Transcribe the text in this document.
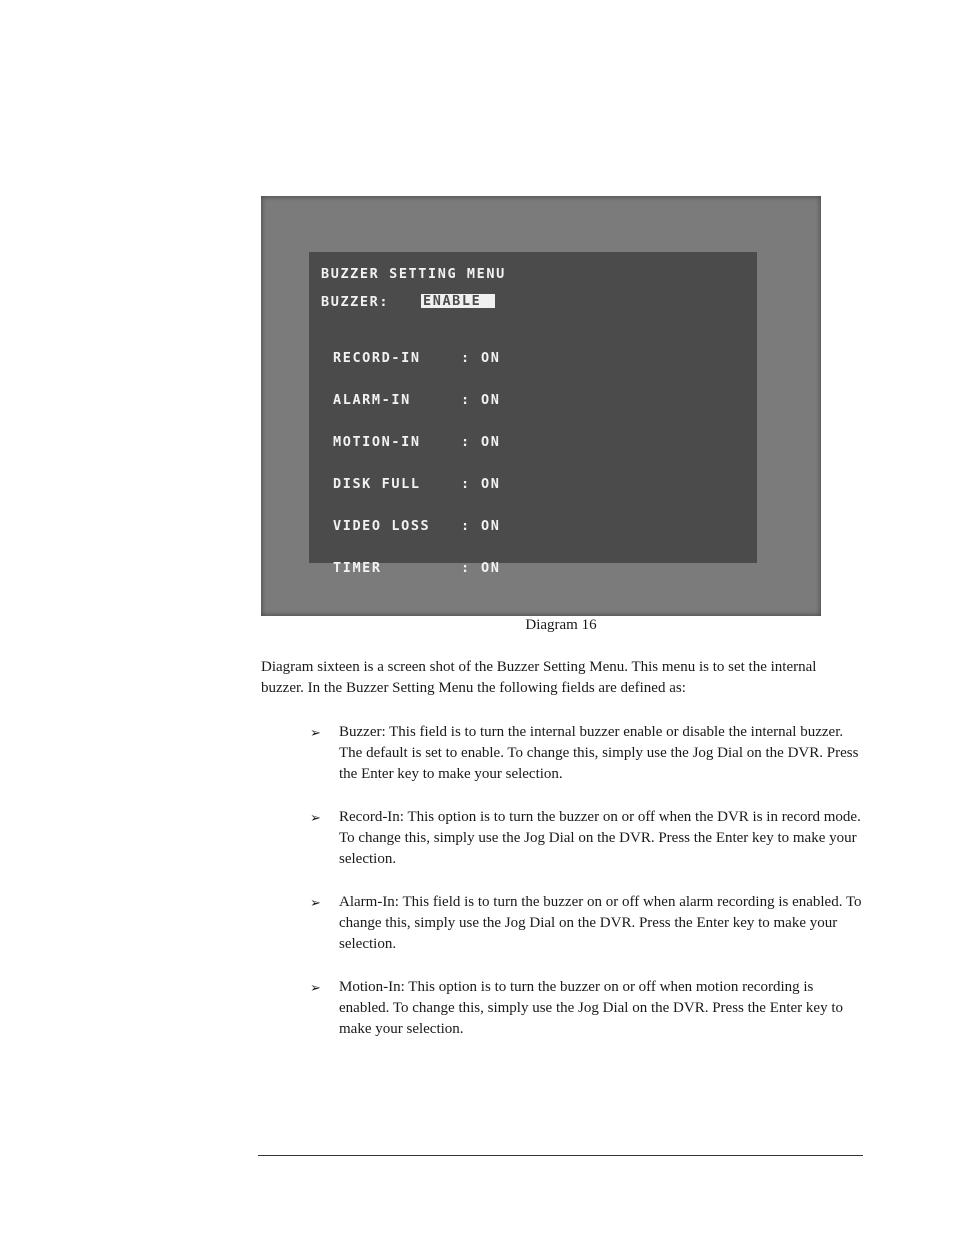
BUZZER SETTING MENU
BUZZER:	ENABLE

RECORD-IN	: ON

ALARM-IN	: ON

MOTION-IN	: ON

DISK FULL	: ON

VIDEO LOSS	: ON

TIMER	: ON

Diagram 16

Diagram sixteen is a screen shot of the Buzzer Setting Menu. This menu is to set the internal buzzer. In the Buzzer Setting Menu the following fields are defined as:

➢ Buzzer: This field is to turn the internal buzzer enable or disable the internal buzzer. The default is set to enable. To change this, simply use the Jog Dial on the DVR. Press the Enter key to make your selection.
➢ Record-In: This option is to turn the buzzer on or off when the DVR is in record mode. To change this, simply use the Jog Dial on the DVR. Press the Enter key to make your selection.
➢ Alarm-In: This field is to turn the buzzer on or off when alarm recording is enabled. To change this, simply use the Jog Dial on the DVR. Press the Enter key to make your selection.
➢ Motion-In: This option is to turn the buzzer on or off when motion recording is enabled. To change this, simply use the Jog Dial on the DVR. Press the Enter key to make your selection.
